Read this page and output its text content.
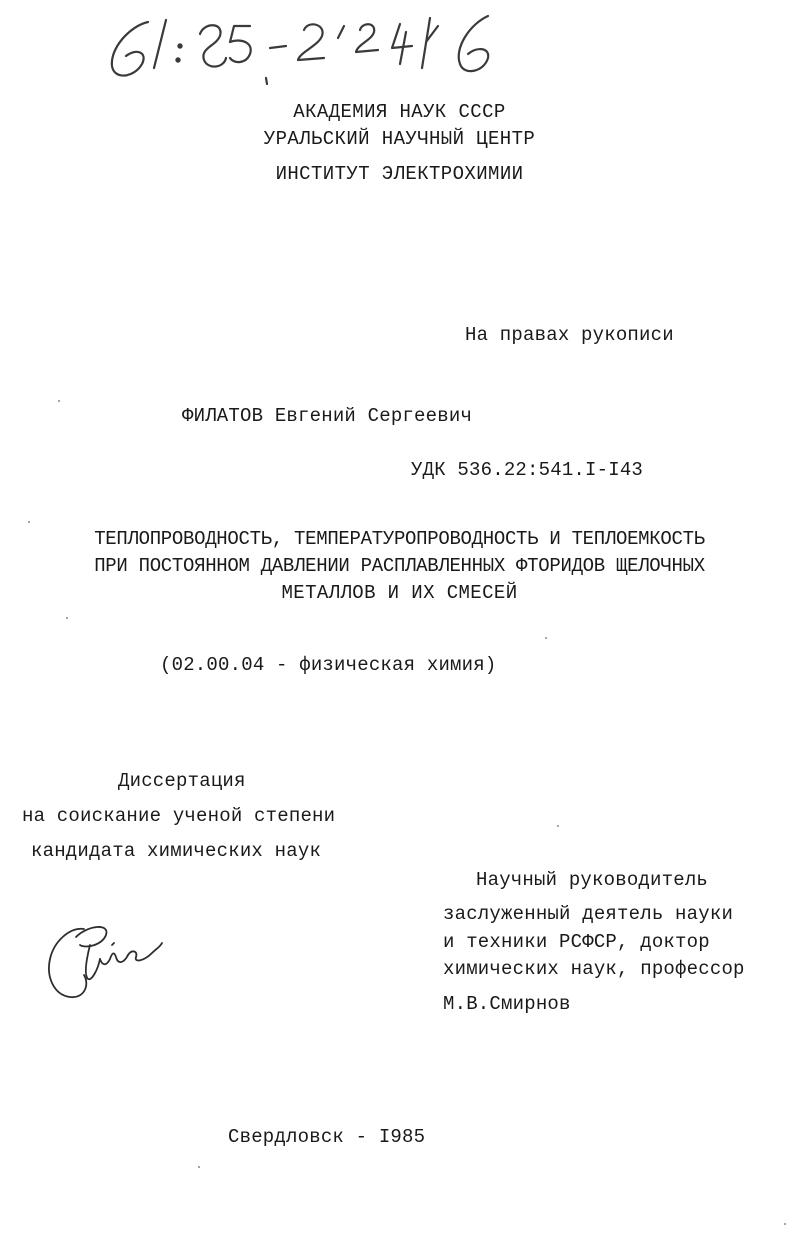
АКАДЕМИЯ НАУК СССР
УРАЛЬСКИЙ НАУЧНЫЙ ЦЕНТР
ИНСТИТУТ ЭЛЕКТРОХИМИИ
На правах рукописи
ФИЛАТОВ Евгений Сергеевич
УДК 536.22:541.I-I43
ТЕПЛОПРОВОДНОСТЬ, ТЕМПЕРАТУРОПРОВОДНОСТЬ И ТЕПЛОЕМКОСТЬ
ПРИ ПОСТОЯННОМ ДАВЛЕНИИ РАСПЛАВЛЕННЫХ ФТОРИДОВ ЩЕЛОЧНЫХ
МЕТАЛЛОВ И ИХ СМЕСЕЙ
(02.00.04 - физическая химия)
Диссертация
на соискание ученой степени
кандидата химических наук
Научный руководитель
заслуженный деятель науки
и техники РСФСР, доктор
химических наук, профессор
М.В.Смирнов
Свердловск - I985
